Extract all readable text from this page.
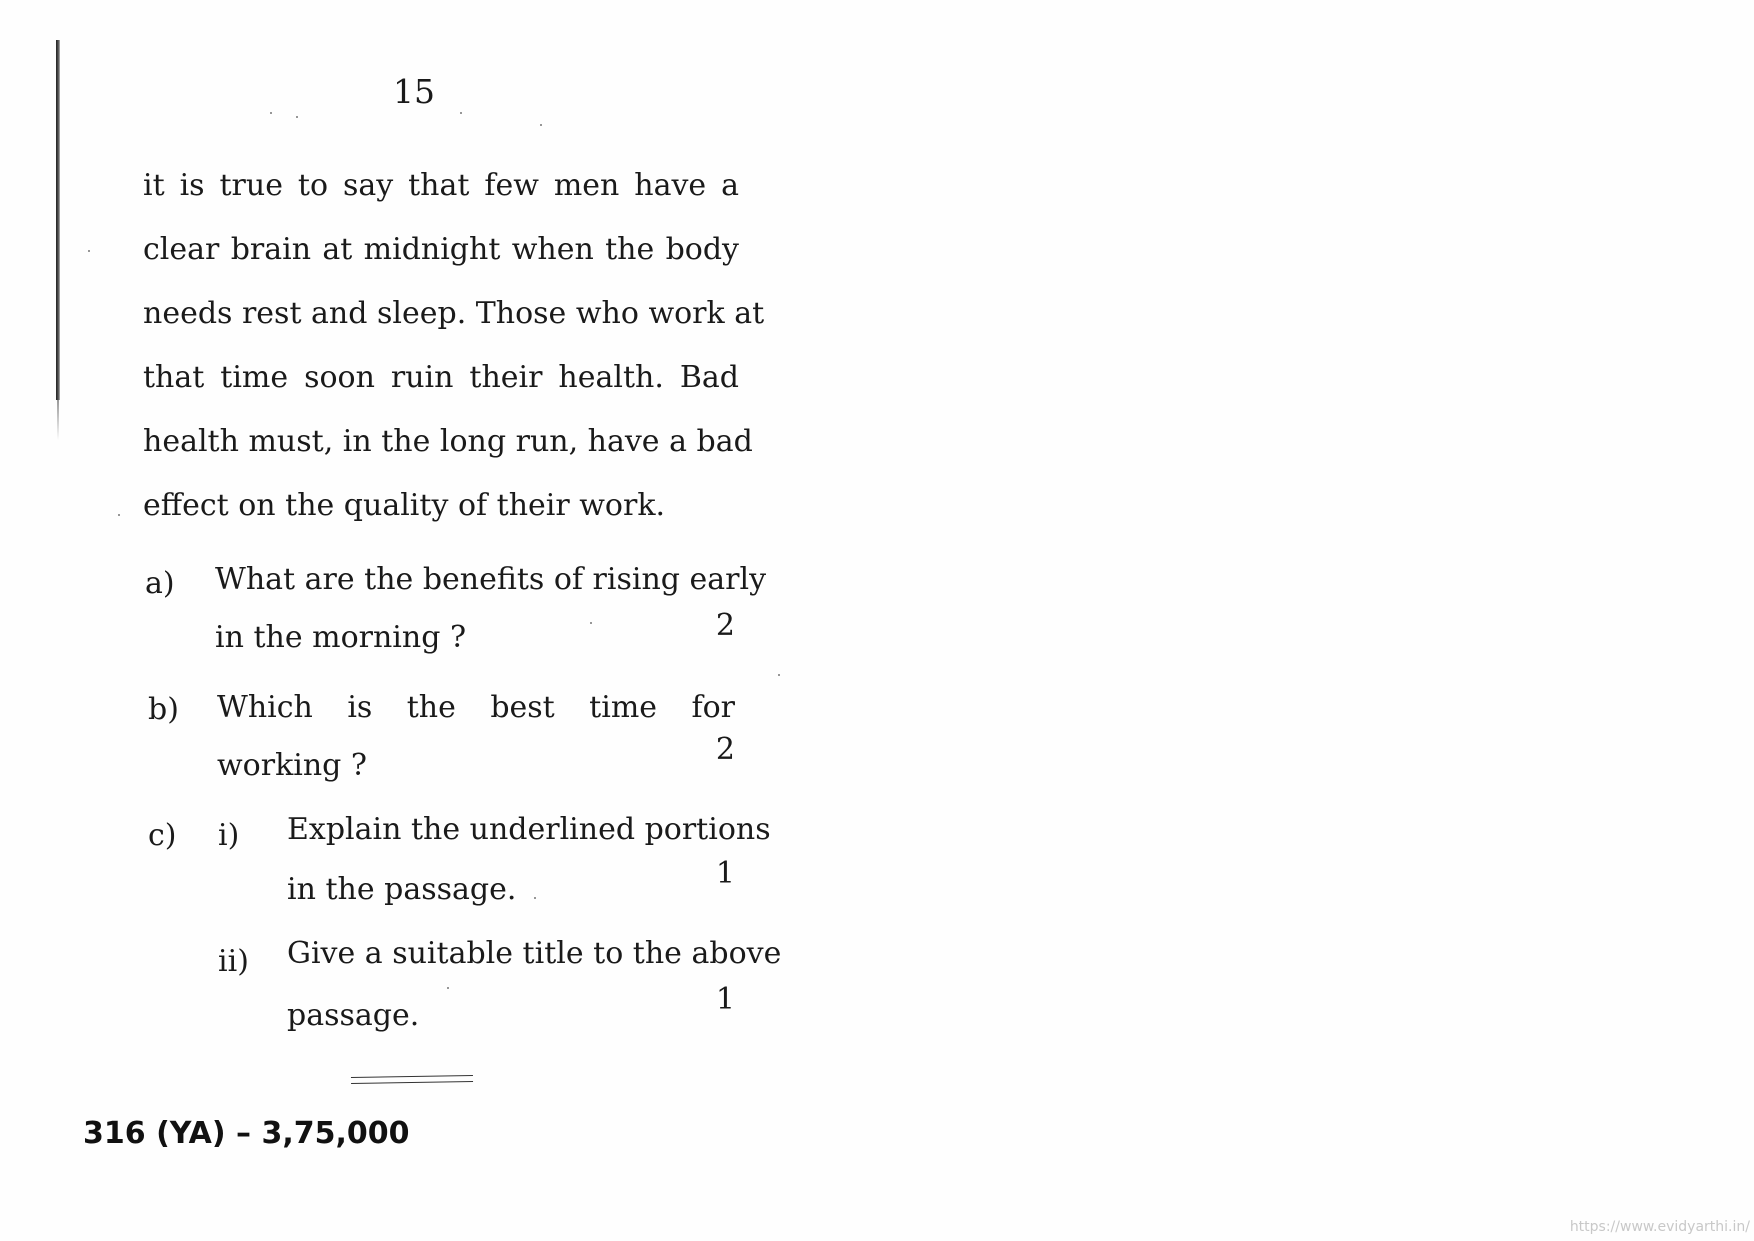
15
it is true to say that few men have a
clear brain at midnight when the body
needs rest and sleep. Those who work at
that time soon ruin their health. Bad
health must, in the long run, have a bad
effect on the quality of their work.
a) What are the benefits of rising early
in the morning ?	2
b) Which is the best time for
working ?	2
c) i) Explain the underlined portions
in the passage.	1
ii) Give a suitable title to the above
passage.	1
316 (YA) – 3,75,000
https://www.evidyarthi.in/
